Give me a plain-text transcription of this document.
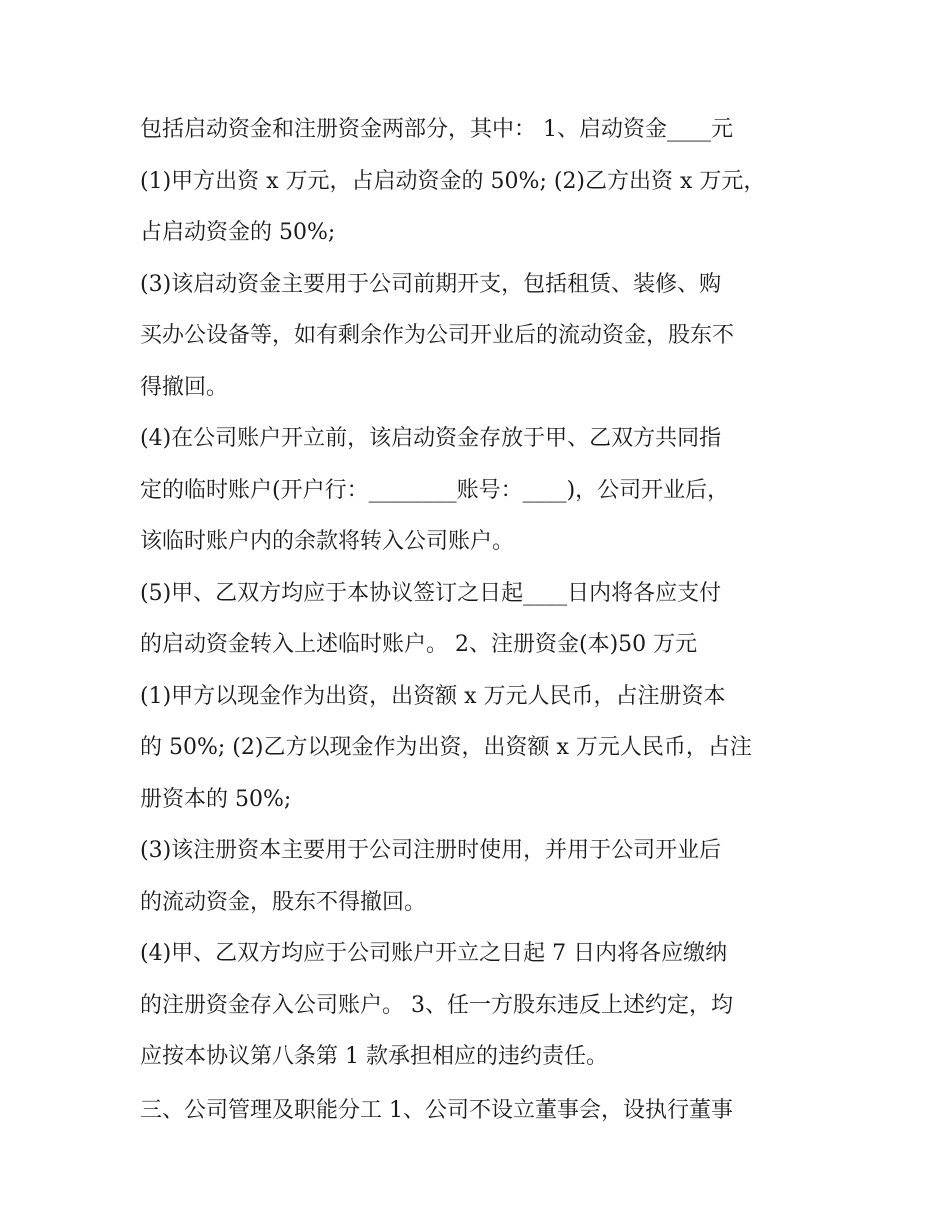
包括启动资金和注册资金两部分，其中： 1、启动资金____元
(1)甲方出资 x 万元，占启动资金的 50%; (2)乙方出资 x 万元，
占启动资金的 50%;
(3)该启动资金主要用于公司前期开支，包括租赁、装修、购
买办公设备等，如有剩余作为公司开业后的流动资金，股东不
得撤回。
(4)在公司账户开立前，该启动资金存放于甲、乙双方共同指
定的临时账户(开户行：________账号：____)，公司开业后，
该临时账户内的余款将转入公司账户。
(5)甲、乙双方均应于本协议签订之日起____日内将各应支付
的启动资金转入上述临时账户。 2、注册资金(本)50 万元
(1)甲方以现金作为出资，出资额 x 万元人民币，占注册资本
的 50%; (2)乙方以现金作为出资，出资额 x 万元人民币，占注
册资本的 50%;
(3)该注册资本主要用于公司注册时使用，并用于公司开业后
的流动资金，股东不得撤回。
(4)甲、乙双方均应于公司账户开立之日起 7 日内将各应缴纳
的注册资金存入公司账户。 3、任一方股东违反上述约定，均
应按本协议第八条第 1 款承担相应的违约责任。
三、公司管理及职能分工 1、公司不设立董事会，设执行董事
